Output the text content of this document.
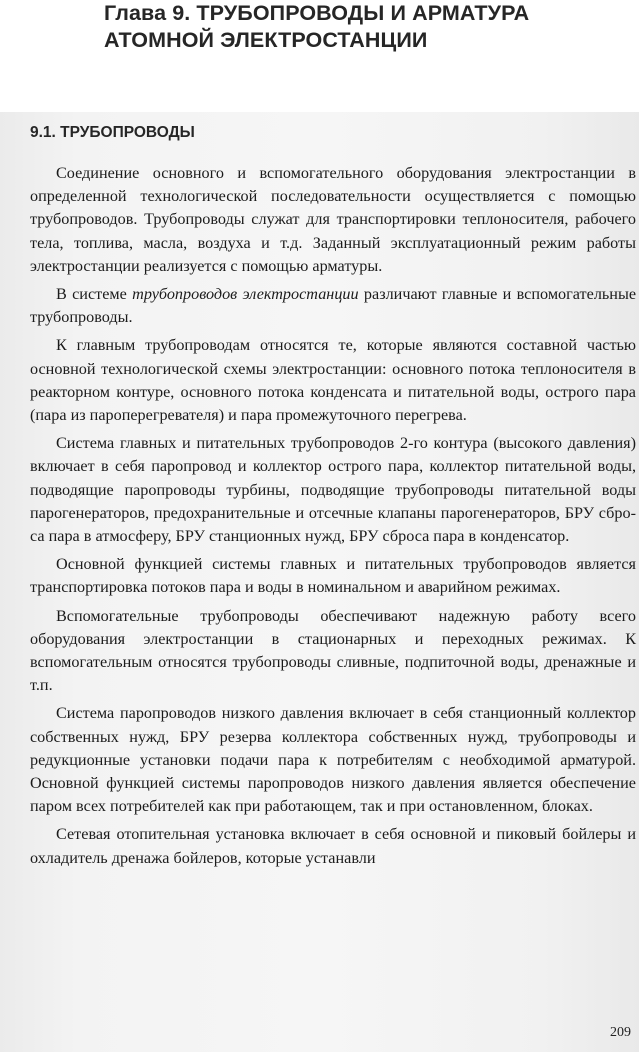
Глава 9. ТРУБОПРОВОДЫ И АРМАТУРА
АТОМНОЙ ЭЛЕКТРОСТАНЦИИ
9.1. ТРУБОПРОВОДЫ

Соединение основного и вспомогательного оборудования электростанции в определенной технологической последовательности осуществляется с помощью трубопроводов. Трубопроводы служат для транспортировки теплоносителя, рабочего тела, топлива, масла, воздуха и т.д. Заданный эксплуатационный режим работы электростанции реализуется с помощью арматуры.

В системе трубопроводов электростанции различают главные и вспомогательные трубопроводы.

К главным трубопроводам относятся те, которые являются составной частью основной технологической схемы электростанции: основного потока теплоносителя в реакторном контуре, основного потока конденсата и питательной воды, острого пара (пара из пароперегревателя) и пара промежуточного перегрева.

Система главных и питательных трубопроводов 2-го контура (высокого давления) включает в себя паропровод и коллектор острого пара, коллектор питательной воды, подводящие паропроводы турбины, подводящие трубопроводы питательной воды парогенераторов, предохранительные и отсечные клапаны парогенераторов, БРУ сброса пара в атмосферу, БРУ станционных нужд, БРУ сброса пара в конденсатор.

Основной функцией системы главных и питательных трубопроводов является транспортировка потоков пара и воды в номинальном и аварийном режимах.

Вспомогательные трубопроводы обеспечивают надежную работу всего оборудования электростанции в стационарных и переходных режимах. К вспомогательным относятся трубопроводы сливные, подпиточной воды, дренажные и т.п.

Система паропроводов низкого давления включает в себя станционный коллектор собственных нужд, БРУ резерва коллектора собственных нужд, трубопроводы и редукционные установки подачи пара к потребителям с необходимой арматурой. Основной функцией системы паропроводов низкого давления является обеспечение паром всех потребителей как при работающем, так и при остановленном, блоках.

Сетевая отопительная установка включает в себя основной и пиковый бойлеры и охладитель дренажа бойлеров, которые устанавли

209
